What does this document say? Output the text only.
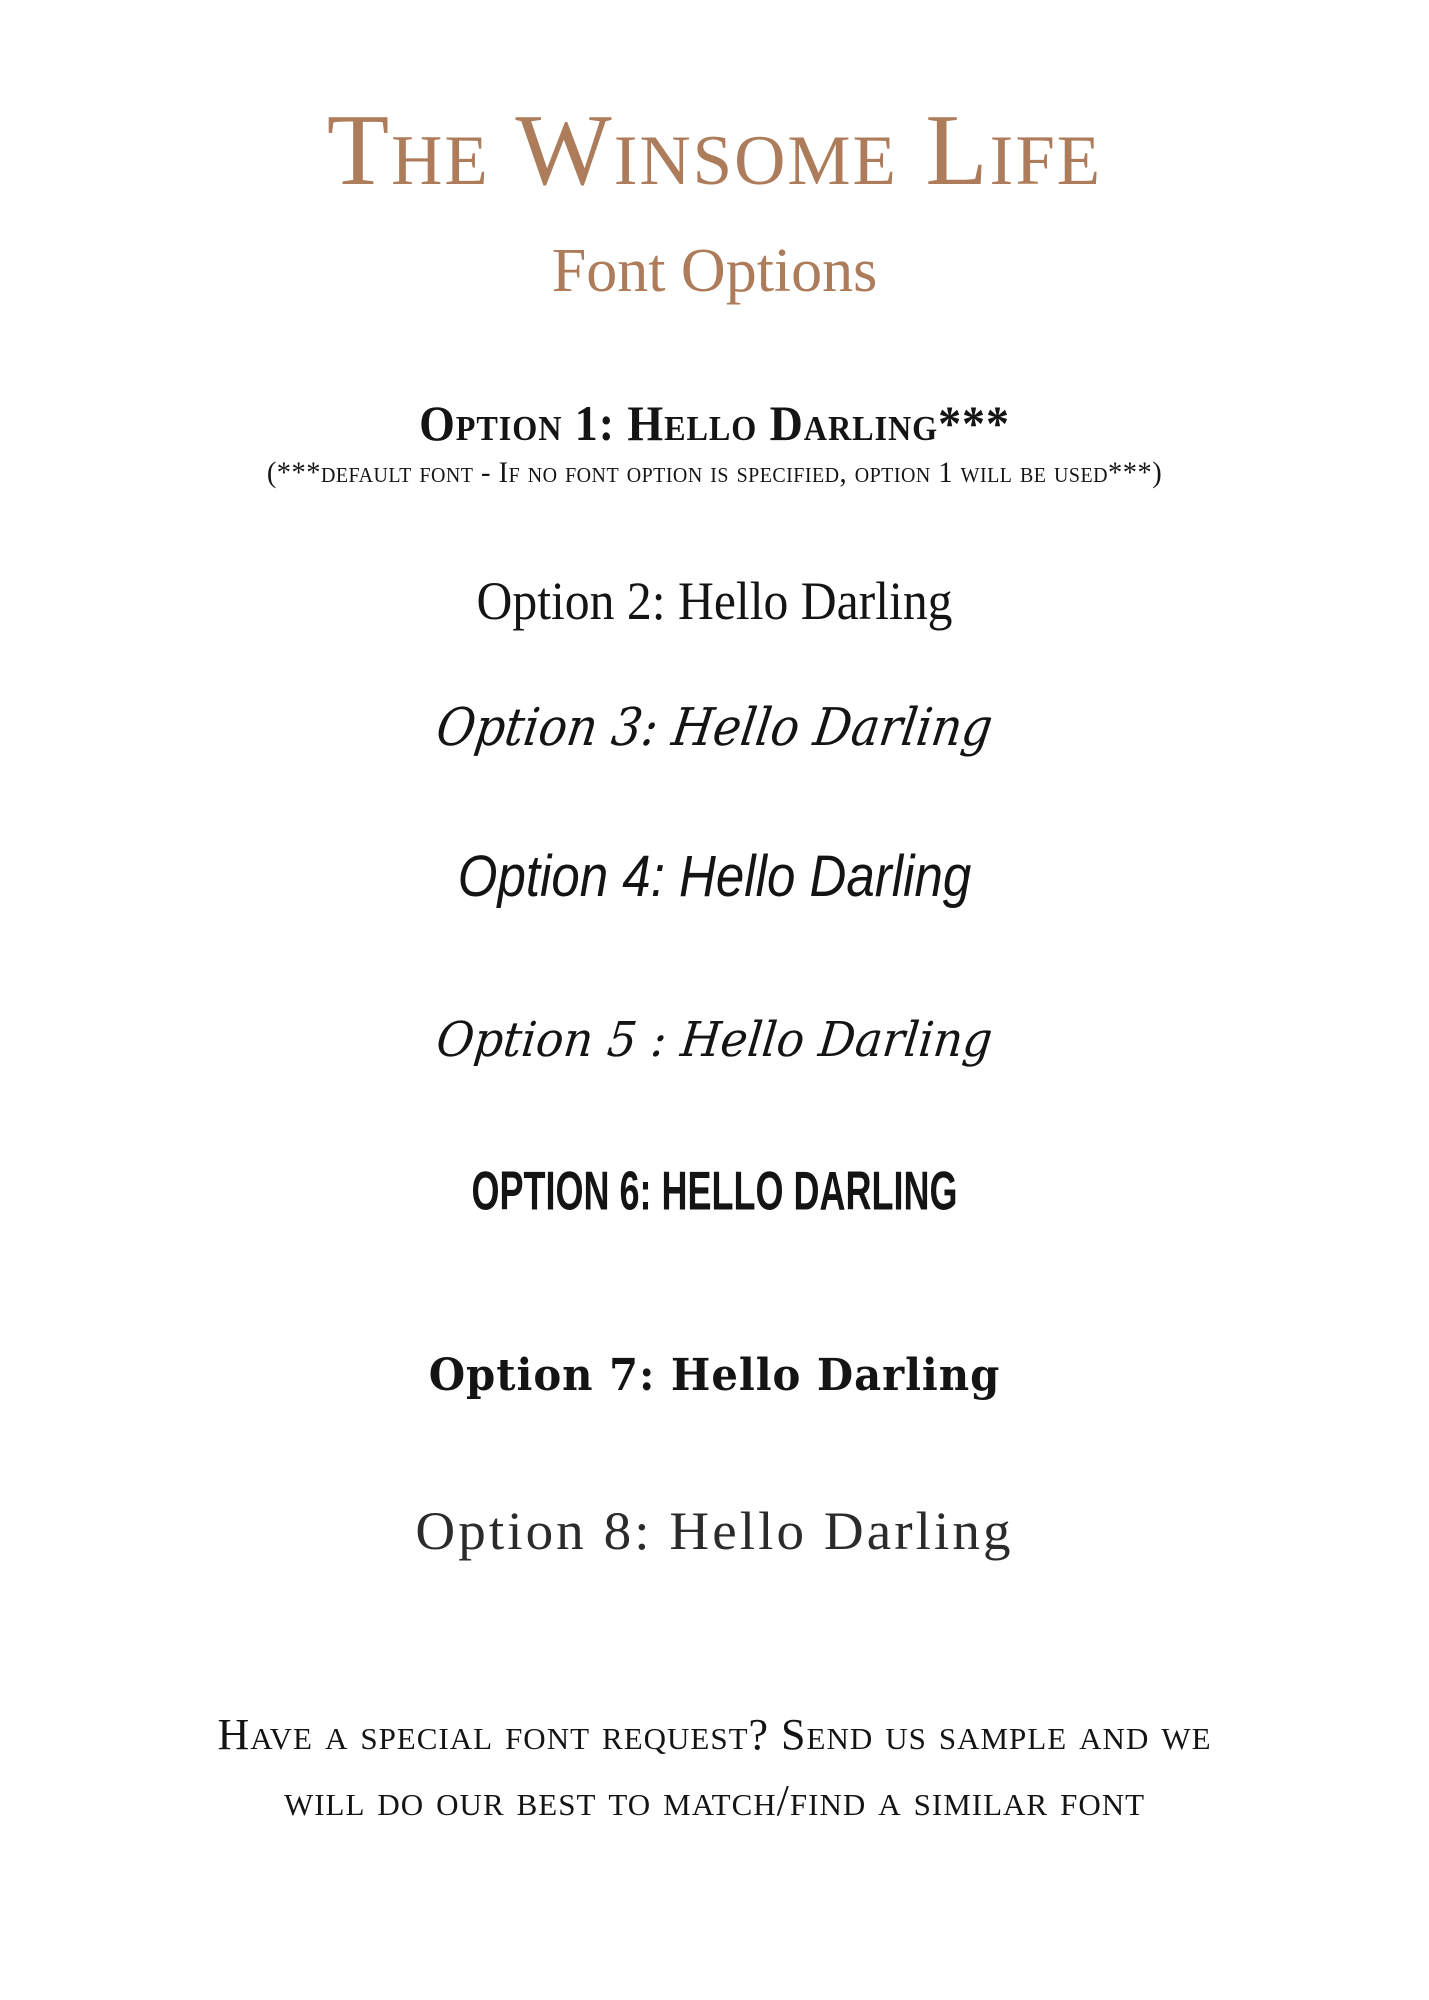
The Winsome Life
Font Options
Option 1: Hello Darling***
(***default font - If no font option is specified, option 1 will be used***)
Option 2: Hello Darling
Option 3: Hello Darling
Option 4: Hello Darling
Option 5 : Hello Darling
OPTION 6: HELLO DARLING
Option 7: Hello Darling
Option 8: Hello Darling
Have a special font request? Send us sample and we
will do our best to match/find a similar font
